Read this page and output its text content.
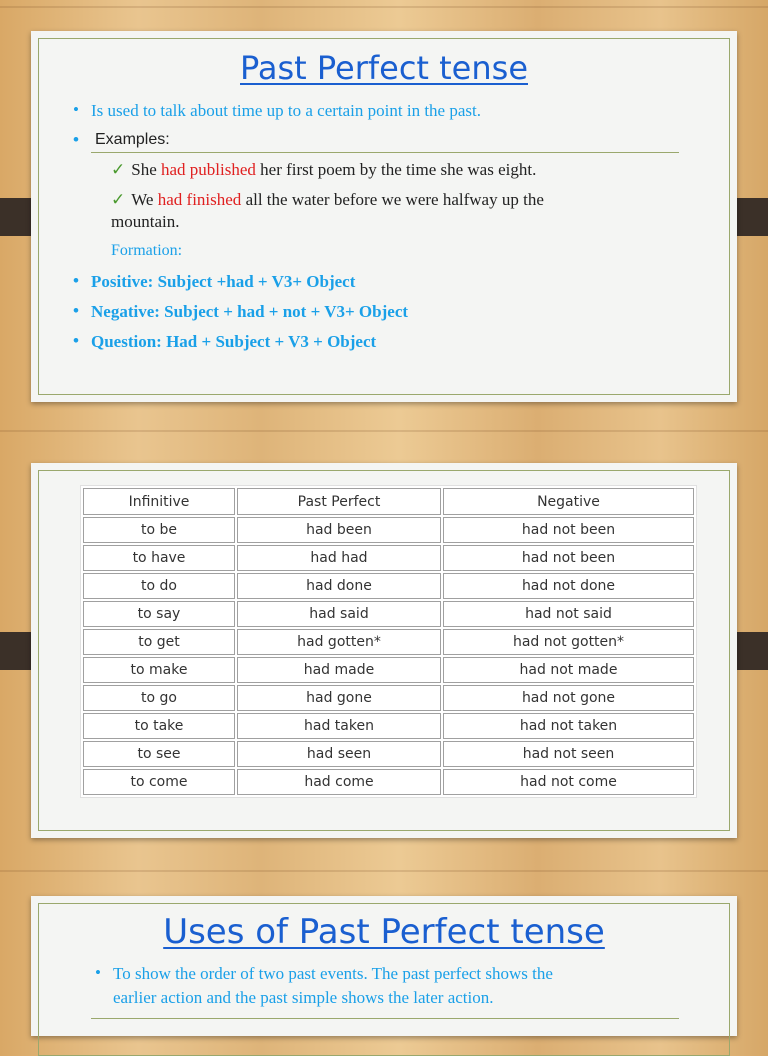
Past Perfect tense
• Is used to talk about time up to a certain point in the past.
• Examples:
✓ She had published her first poem by the time she was eight.
✓ We had finished all the water before we were halfway up the
mountain.
Formation:
• Positive: Subject +had + V3+ Object
• Negative: Subject + had + not + V3+ Object
• Question: Had + Subject + V3 + Object
Infinitive	Past Perfect	Negative
to be	had been	had not been
to have	had had	had not been
to do	had done	had not done
to say	had said	had not said
to get	had gotten*	had not gotten*
to make	had made	had not made
to go	had gone	had not gone
to take	had taken	had not taken
to see	had seen	had not seen
to come	had come	had not come
Uses of Past Perfect tense
• To show the order of two past events. The past perfect shows the
earlier action and the past simple shows the later action.
